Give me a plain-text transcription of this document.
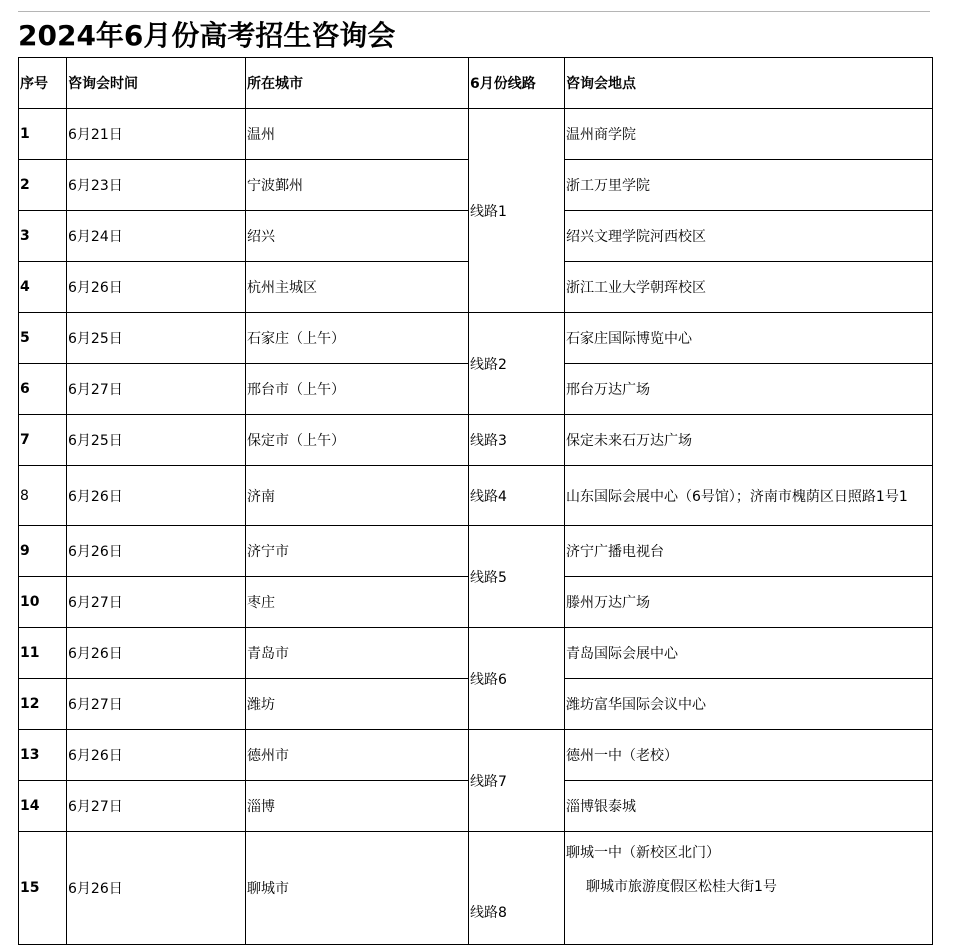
2024年6月份高考招生咨询会
序号	咨询会时间	所在城市	6月份线路	咨询会地点
1	6月21日	温州	线路1	温州商学院
2	6月23日	宁波鄞州		浙工万里学院
3	6月24日	绍兴		绍兴文理学院河西校区
4	6月26日	杭州主城区		浙江工业大学朝珲校区
5	6月25日	石家庄（上午）	线路2	石家庄国际博览中心
6	6月27日	邢台市（上午）		邢台万达广场
7	6月25日	保定市（上午）	线路3	保定未来石万达广场
8	6月26日	济南	线路4	山东国际会展中心（6号馆）；济南市槐荫区日照路1号1
9	6月26日	济宁市	线路5	济宁广播电视台
10	6月27日	枣庄		滕州万达广场
11	6月26日	青岛市	线路6	青岛国际会展中心
12	6月27日	潍坊		潍坊富华国际会议中心
13	6月26日	德州市	线路7	德州一中（老校）
14	6月27日	淄博		淄博银泰城
15	6月26日	聊城市	线路8	聊城一中（新校区北门）
聊城市旅游度假区松桂大街1号
